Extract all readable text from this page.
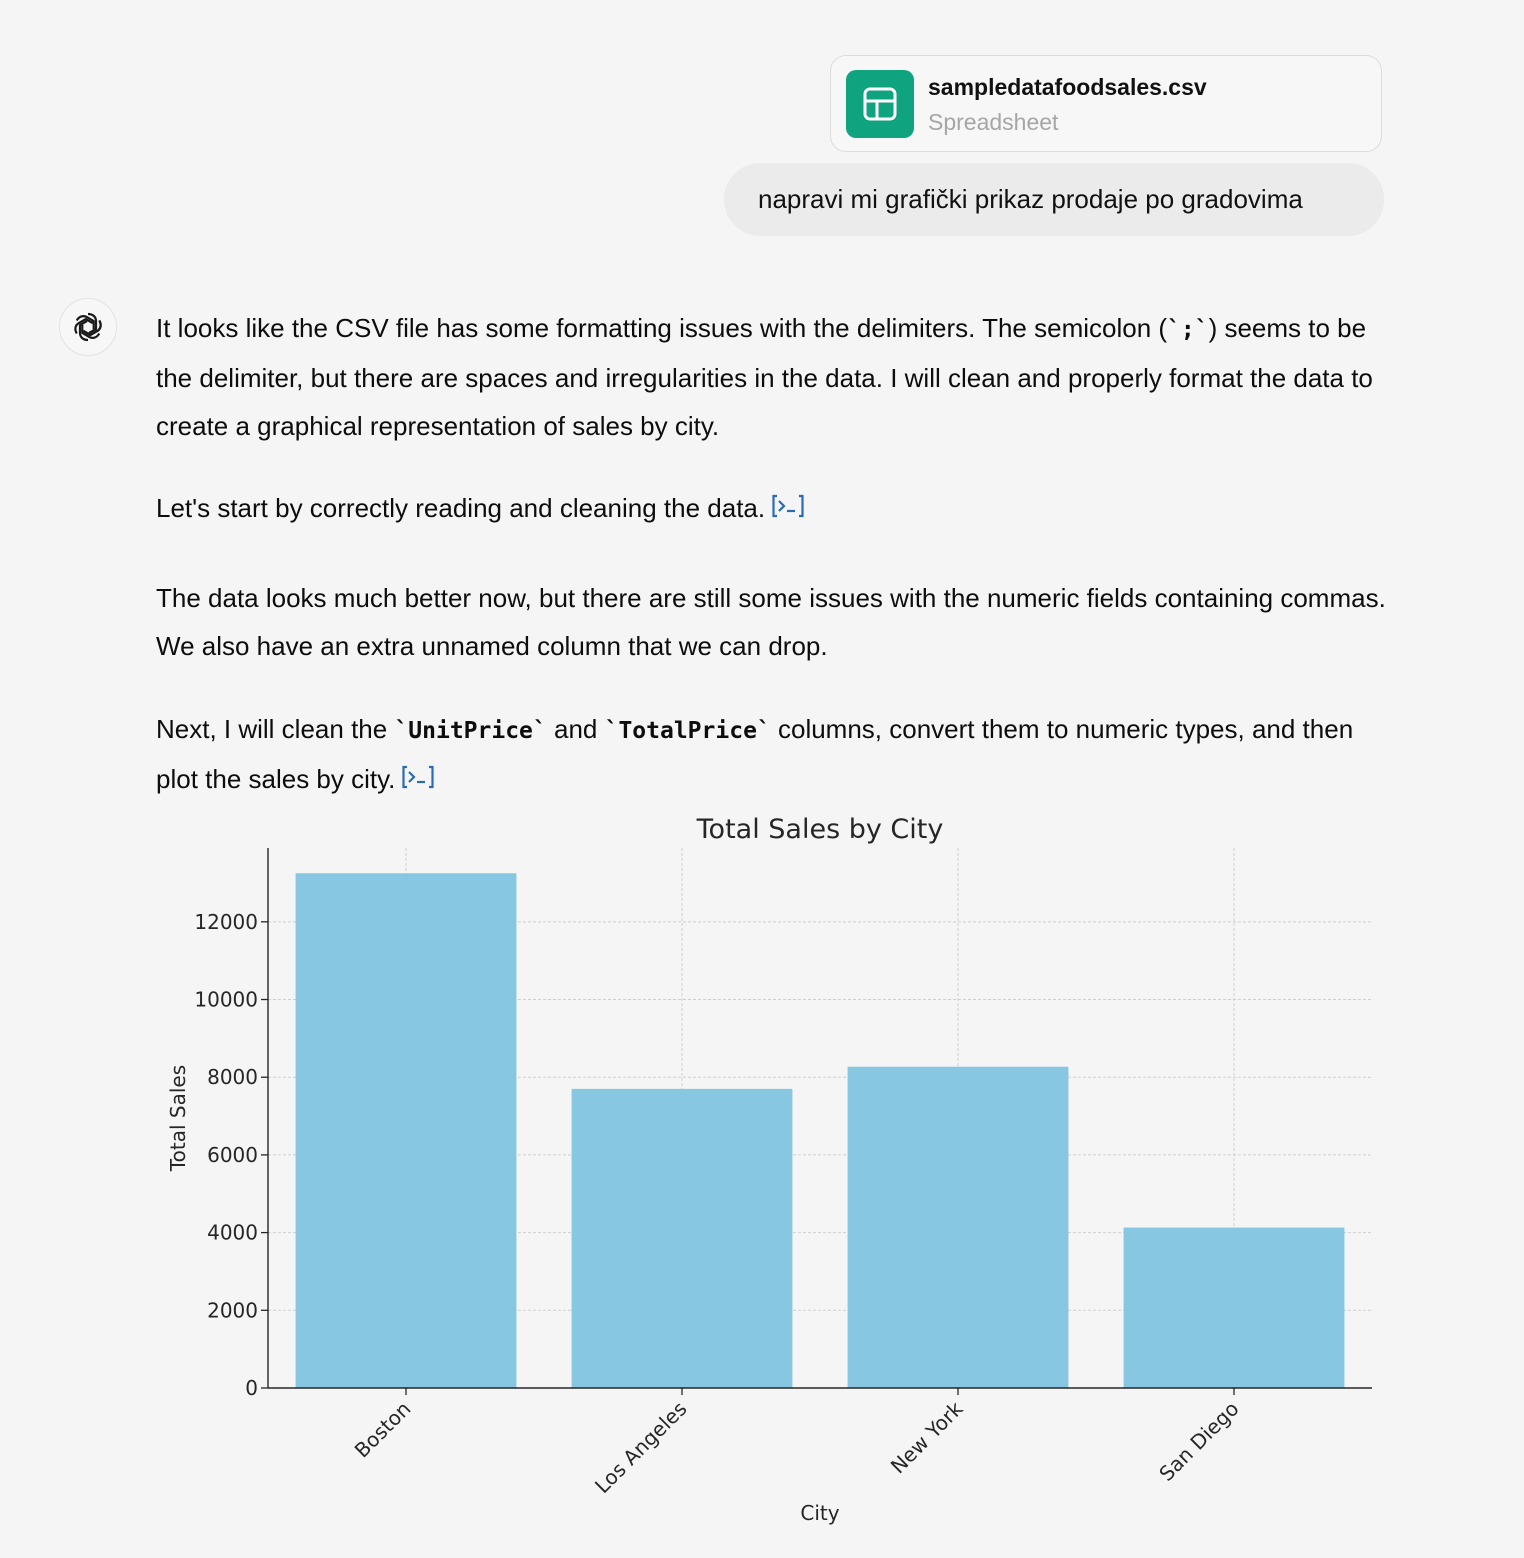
sampledatafoodsales.csv
Spreadsheet
napravi mi grafički prikaz prodaje po gradovima

It looks like the CSV file has some formatting issues with the delimiters. The semicolon (`;`) seems to be the delimiter, but there are spaces and irregularities in the data. I will clean and properly format the data to create a graphical representation of sales by city.

Let's start by correctly reading and cleaning the data.

The data looks much better now, but there are still some issues with the numeric fields containing commas. We also have an extra unnamed column that we can drop.

Next, I will clean the `UnitPrice` and `TotalPrice` columns, convert them to numeric types, and then plot the sales by city.

0
2000
4000
6000
8000
10000
12000
Boston	Los Angeles	New York	San Diego
Total Sales by City
Total Sales
City
